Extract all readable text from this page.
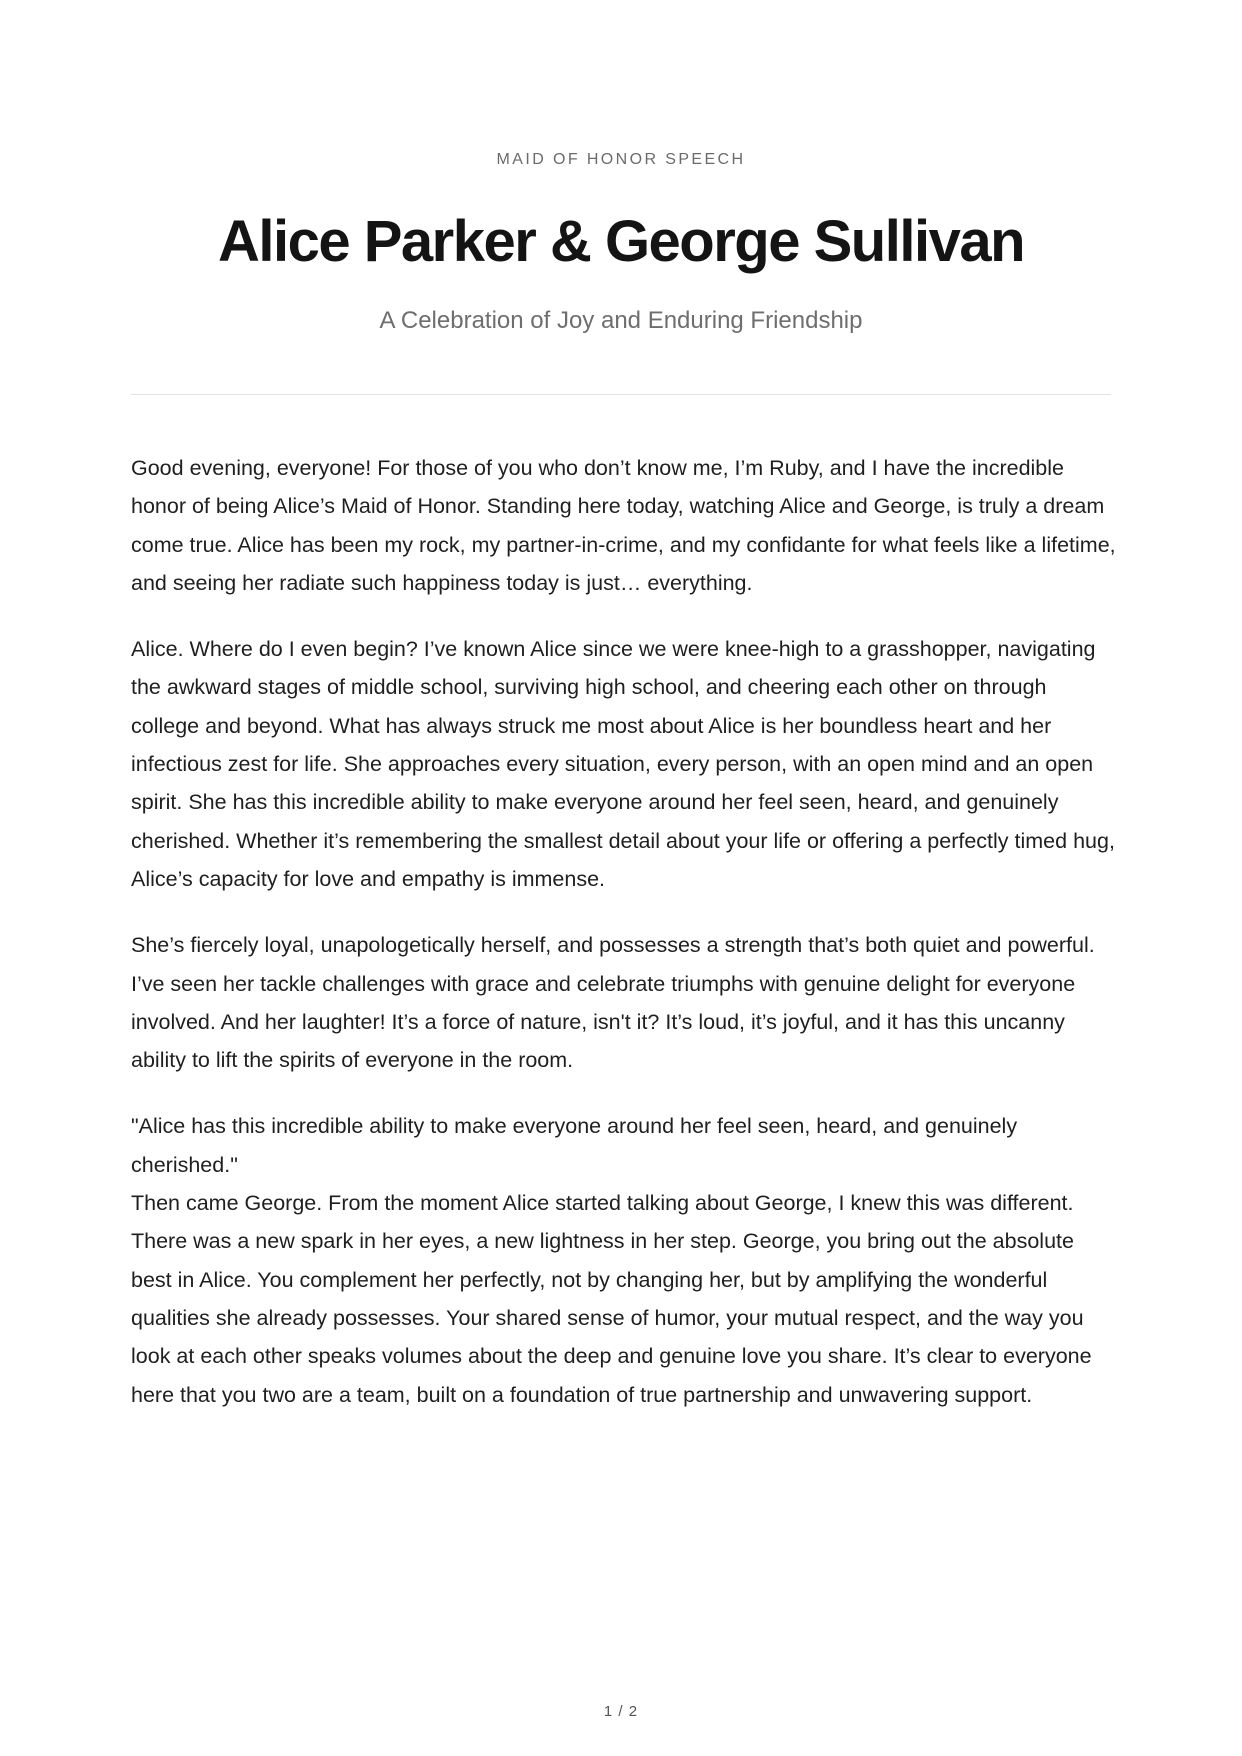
MAID OF HONOR SPEECH
Alice Parker & George Sullivan
A Celebration of Joy and Enduring Friendship

Good evening, everyone! For those of you who don’t know me, I’m Ruby, and I have the incredible honor of being Alice’s Maid of Honor. Standing here today, watching Alice and George, is truly a dream come true. Alice has been my rock, my partner-in-crime, and my confidante for what feels like a lifetime, and seeing her radiate such happiness today is just… everything.

Alice. Where do I even begin? I’ve known Alice since we were knee-high to a grasshopper, navigating the awkward stages of middle school, surviving high school, and cheering each other on through college and beyond. What has always struck me most about Alice is her boundless heart and her infectious zest for life. She approaches every situation, every person, with an open mind and an open spirit. She has this incredible ability to make everyone around her feel seen, heard, and genuinely cherished. Whether it’s remembering the smallest detail about your life or offering a perfectly timed hug, Alice’s capacity for love and empathy is immense.

She’s fiercely loyal, unapologetically herself, and possesses a strength that’s both quiet and powerful. I’ve seen her tackle challenges with grace and celebrate triumphs with genuine delight for everyone involved. And her laughter! It’s a force of nature, isn't it? It’s loud, it’s joyful, and it has this uncanny ability to lift the spirits of everyone in the room.

"Alice has this incredible ability to make everyone around her feel seen, heard, and genuinely cherished."

Then came George. From the moment Alice started talking about George, I knew this was different. There was a new spark in her eyes, a new lightness in her step. George, you bring out the absolute best in Alice. You complement her perfectly, not by changing her, but by amplifying the wonderful qualities she already possesses. Your shared sense of humor, your mutual respect, and the way you look at each other speaks volumes about the deep and genuine love you share. It’s clear to everyone here that you two are a team, built on a foundation of true partnership and unwavering support.

1 / 2
